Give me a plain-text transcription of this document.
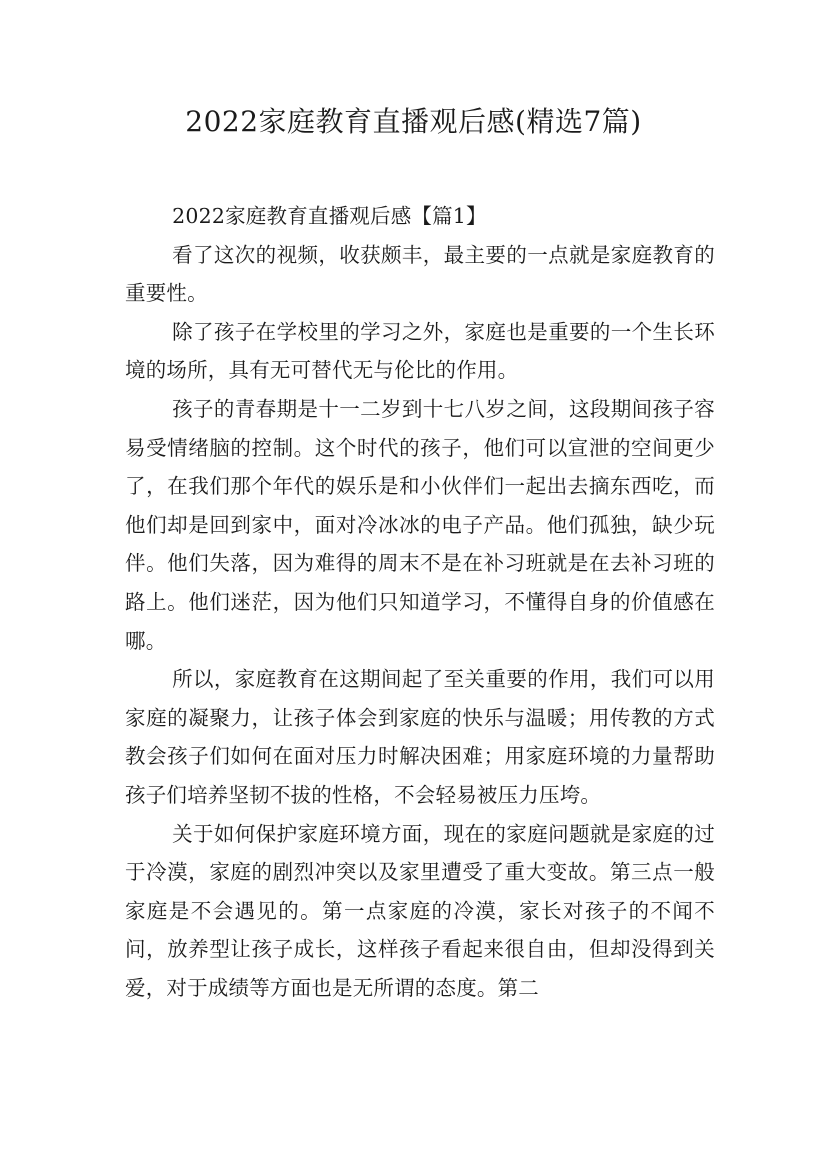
2022家庭教育直播观后感(精选7篇)

2022家庭教育直播观后感【篇1】

看了这次的视频，收获颇丰，最主要的一点就是家庭教育的重要性。

除了孩子在学校里的学习之外，家庭也是重要的一个生长环境的场所，具有无可替代无与伦比的作用。

孩子的青春期是十一二岁到十七八岁之间，这段期间孩子容易受情绪脑的控制。这个时代的孩子，他们可以宣泄的空间更少了，在我们那个年代的娱乐是和小伙伴们一起出去摘东西吃，而他们却是回到家中，面对冷冰冰的电子产品。他们孤独，缺少玩伴。他们失落，因为难得的周末不是在补习班就是在去补习班的路上。他们迷茫，因为他们只知道学习，不懂得自身的价值感在哪。

所以，家庭教育在这期间起了至关重要的作用，我们可以用家庭的凝聚力，让孩子体会到家庭的快乐与温暖；用传教的方式教会孩子们如何在面对压力时解决困难；用家庭环境的力量帮助孩子们培养坚韧不拔的性格，不会轻易被压力压垮。

关于如何保护家庭环境方面，现在的家庭问题就是家庭的过于冷漠，家庭的剧烈冲突以及家里遭受了重大变故。第三点一般家庭是不会遇见的。第一点家庭的冷漠，家长对孩子的不闻不问，放养型让孩子成长，这样孩子看起来很自由，但却没得到关爱，对于成绩等方面也是无所谓的态度。第二
